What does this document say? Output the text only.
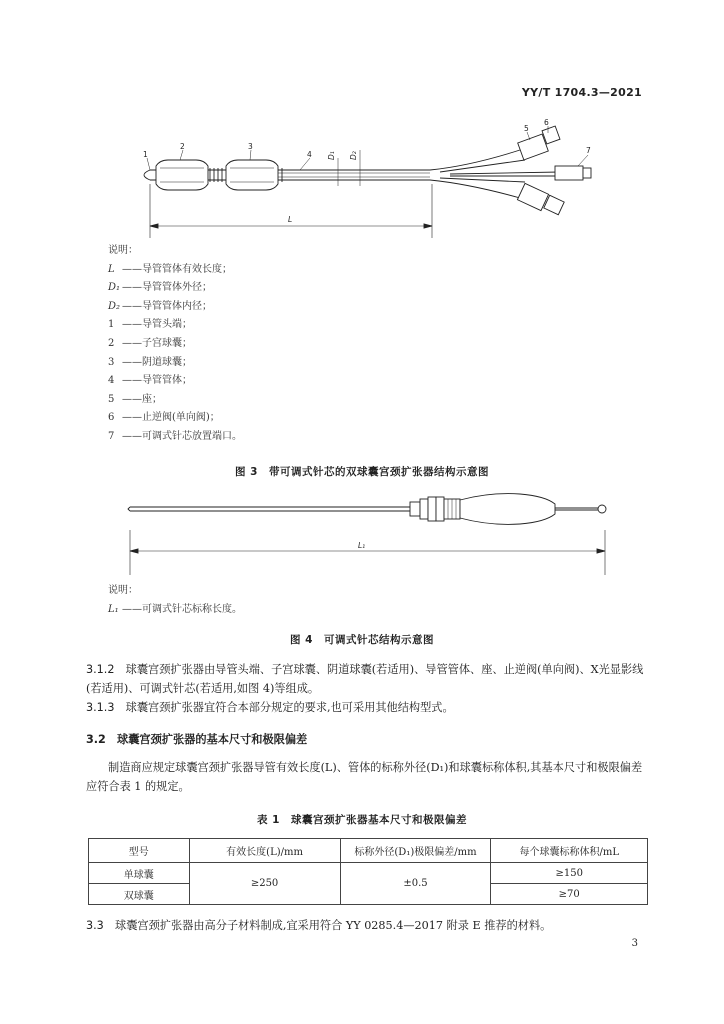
YY/T 1704.3—2021
1
2	3
4
5
6
7
L
D₁ D₂
说明：
L ——导管管体有效长度；
D₁ ——导管管体外径；
D₂ ——导管管体内径；
1 ——导管头端；
2 ——子宫球囊；
3 ——阴道球囊；
4 ——导管管体；
5 ——座；
6 ——止逆阀(单向阀)；
7 ——可调式针芯放置端口。
图 3　带可调式针芯的双球囊宫颈扩张器结构示意图
L₁
说明：
L₁ ——可调式针芯标称长度。
图 4　可调式针芯结构示意图
3.1.2　 球囊宫颈扩张器由导管头端、子宫球囊、阴道球囊(若适用)、导管管体、座、止逆阀(单向阀)、X光显影线(若适用)、可调式针芯(若适用,如图 4)等组成。
3.1.3　 球囊宫颈扩张器宜符合本部分规定的要求,也可采用其他结构型式。
3.2　球囊宫颈扩张器的基本尺寸和极限偏差
制造商应规定球囊宫颈扩张器导管有效长度(L)、管体的标称外径(D₁)和球囊标称体积,其基本尺寸和极限偏差应符合表 1 的规定。
表 1　球囊宫颈扩张器基本尺寸和极限偏差
型号	有效长度(L)/mm	标称外径(D₁)极限偏差/mm	每个球囊标称体积/mL
单球囊	≥250	±0.5	≥150
双球囊			≥70
3.3　 球囊宫颈扩张器由高分子材料制成,宜采用符合 YY 0285.4—2017 附录 E 推荐的材料。
3
